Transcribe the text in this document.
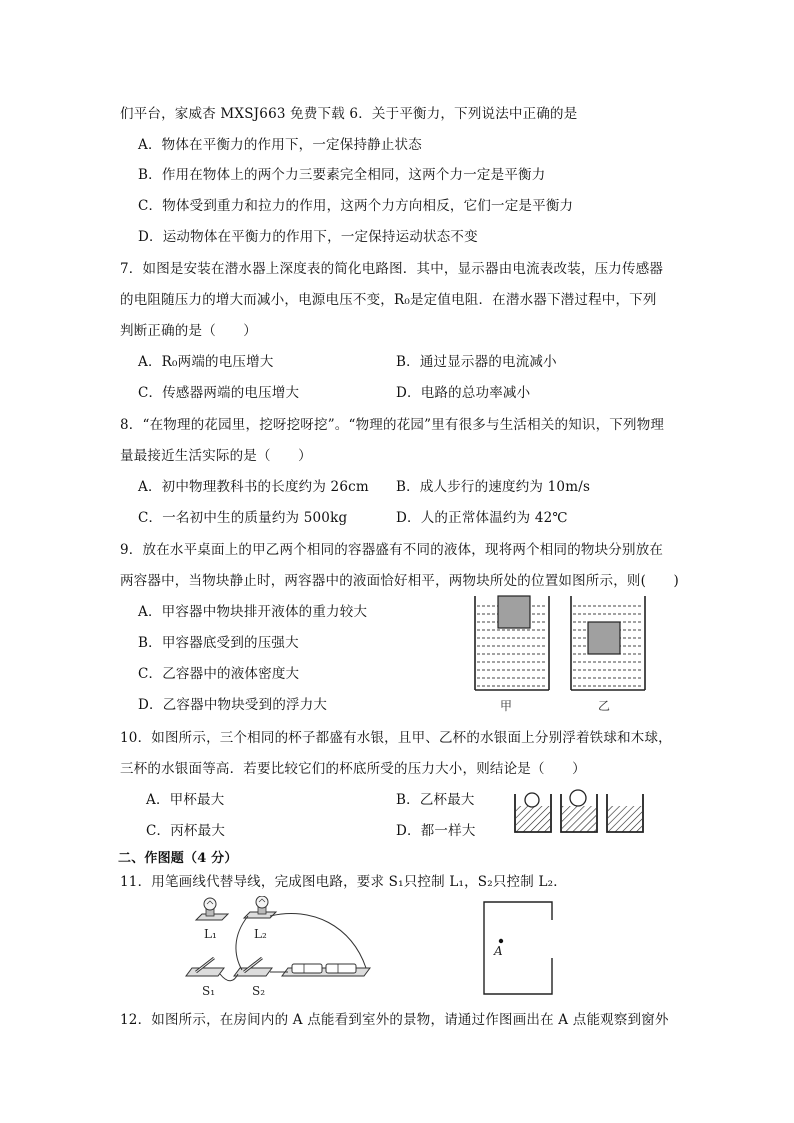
们平台，家威杏 MXSJ663 免费下载 6．关于平衡力，下列说法中正确的是
A．物体在平衡力的作用下，一定保持静止状态
B．作用在物体上的两个力三要素完全相同，这两个力一定是平衡力
C．物体受到重力和拉力的作用，这两个力方向相反，它们一定是平衡力
D．运动物体在平衡力的作用下，一定保持运动状态不变
7．如图是安装在潜水器上深度表的简化电路图．其中，显示器由电流表改装，压力传感器
的电阻随压力的增大而减小，电源电压不变，R₀是定值电阻．在潜水器下潜过程中，下列
判断正确的是（　　）
A．R₀两端的电压增大	B．通过显示器的电流减小
C．传感器两端的电压增大	D．电路的总功率减小
8．“在物理的花园里，挖呀挖呀挖”。“物理的花园”里有很多与生活相关的知识，下列物理
量最接近生活实际的是（　　）
A．初中物理教科书的长度约为 26cm B．成人步行的速度约为 10m/s
C．一名初中生的质量约为 500kg	D．人的正常体温约为 42℃
9．放在水平桌面上的甲乙两个相同的容器盛有不同的液体，现将两个相同的物块分别放在
两容器中，当物块静止时，两容器中的液面恰好相平，两物块所处的位置如图所示，则(　　)
A．甲容器中物块排开液体的重力较大
B．甲容器底受到的压强大
C．乙容器中的液体密度大
D．乙容器中物块受到的浮力大	甲	乙
10．如图所示，三个相同的杯子都盛有水银，且甲、乙杯的水银面上分别浮着铁球和木球，
三杯的水银面等高．若要比较它们的杯底所受的压力大小，则结论是（　　）
A．甲杯最大	B．乙杯最大
C．丙杯最大	D．都一样大
二、作图题（4 分）
11．用笔画线代替导线，完成图电路，要求 S₁只控制 L₁，S₂只控制 L₂．
L₁	L₂
S₁	S₂
A
12．如图所示，在房间内的 A 点能看到室外的景物，请通过作图画出在 A 点能观察到窗外
